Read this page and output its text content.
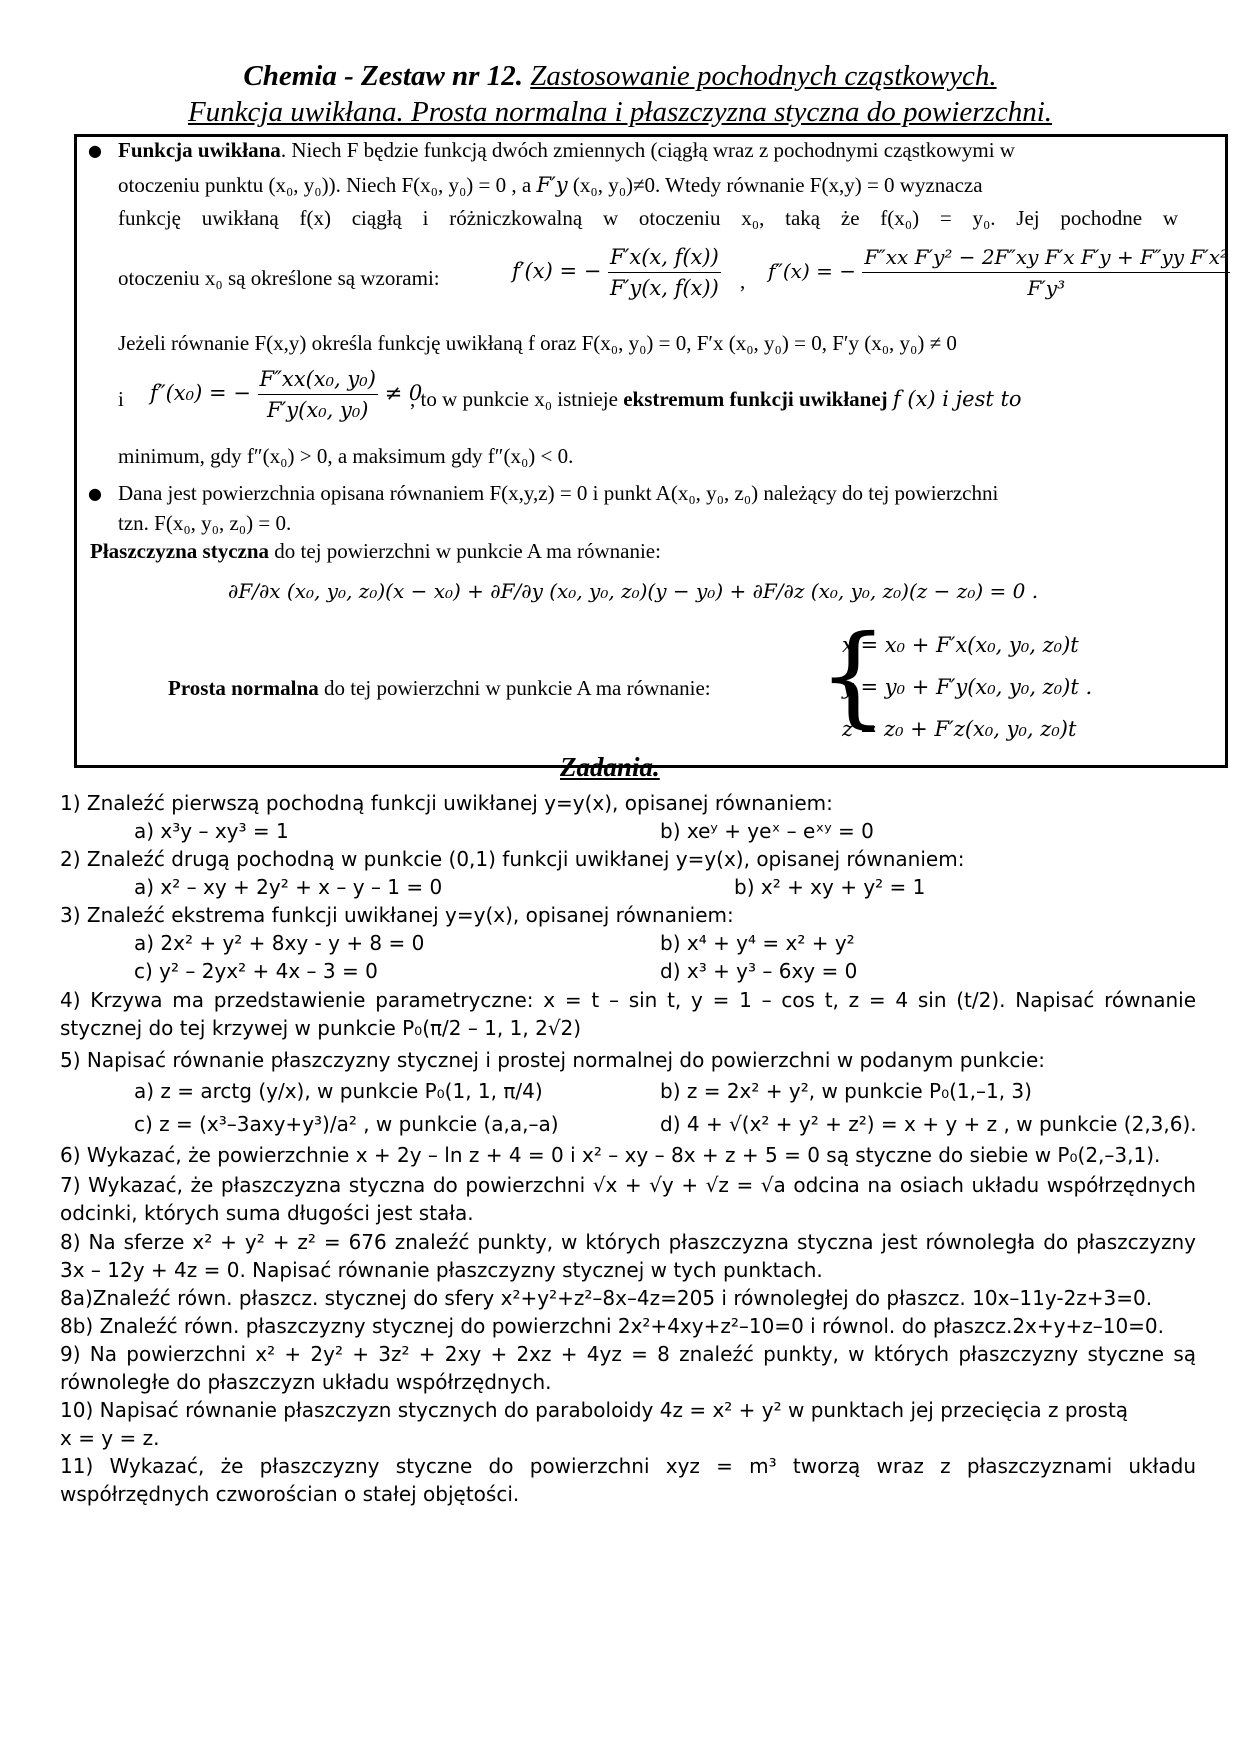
Chemia - Zestaw nr 12. Zastosowanie pochodnych cząstkowych.
Funkcja uwikłana. Prosta normalna i płaszczyzna styczna do powierzchni.
● Funkcja uwikłana. Niech F będzie funkcją dwóch zmiennych (ciągłą wraz z pochodnymi cząstkowymi w
otoczeniu punktu (x₀, y₀)). Niech F(x₀, y₀) = 0 , a F′y (x₀, y₀)≠0. Wtedy równanie F(x,y) = 0 wyznacza
funkcję uwikłaną f(x) ciągłą i różniczkowalną w otoczeniu x₀, taką że f(x₀) = y₀. Jej pochodne w
otoczeniu x₀ są określone są wzorami:	f′(x) = − $\frac{F'x(x, f(x))}{F'y(x, f(x))}$ , f″(x) = − $\frac{\text{F″xx F′y² − 2F″xy F′x F′y + F″yy F′x²}}{\text{F′y³}}$
Jeżeli równanie F(x,y) określa funkcję uwikłaną f oraz F(x₀, y₀) = 0, F′x (x₀, y₀) = 0, F′y (x₀, y₀) ≠ 0
i f″(x₀) = − $\frac{\text{F″xx(x₀, y₀)}}{\text{F′y(x₀, y₀)}} \ne 0$
, to w punkcie x₀ istnieje ekstremum funkcji uwikłanej f (x) i jest to
minimum, gdy f″(x₀) > 0, a maksimum gdy f″(x₀) < 0.
● Dana jest powierzchnia opisana równaniem F(x,y,z) = 0 i punkt A(x₀, y₀, z₀) należący do tej powierzchni
tzn. F(x₀, y₀, z₀) = 0.
Płaszczyzna styczna do tej powierzchni w punkcie A ma równanie:
∂F/∂x (x₀, y₀, z₀)(x − x₀) + ∂F/∂y (x₀, y₀, z₀)(y − y₀) + ∂F/∂z (x₀, y₀, z₀)(z − z₀) = 0 .
Prosta normalna do tej powierzchni w punkcie A ma równanie: {
x = x₀ + F′x(x₀, y₀, z₀)t
y = y₀ + F′y(x₀, y₀, z₀)t .
z = z₀ + F′z(x₀, y₀, z₀)t
Zadania.
1) Znaleźć pierwszą pochodną funkcji uwikłanej y=y(x), opisanej równaniem:
a) x³y – xy³ = 1	b) xeʸ + yeˣ – eˣʸ = 0
2) Znaleźć drugą pochodną w punkcie (0,1) funkcji uwikłanej y=y(x), opisanej równaniem:
a) x² – xy + 2y² + x – y – 1 = 0	b) x² + xy + y² = 1
3) Znaleźć ekstrema funkcji uwikłanej y=y(x), opisanej równaniem:
a) 2x² + y² + 8xy - y + 8 = 0	b) x⁴ + y⁴ = x² + y²
c) y² – 2yx² + 4x – 3 = 0	d) x³ + y³ – 6xy = 0
4) Krzywa ma przedstawienie parametryczne: x = t – sin t, y = 1 – cos t, z = 4 sin (t/2). Napisać równanie
stycznej do tej krzywej w punkcie P₀(π/2 – 1, 1, 2√2)
5) Napisać równanie płaszczyzny stycznej i prostej normalnej do powierzchni w podanym punkcie:
a) z = arctg (y/x), w punkcie P₀(1, 1, π/4)	b) z = 2x² + y², w punkcie P₀(1,–1, 3)
c) z = (x³–3axy+y³)/a² , w punkcie (a,a,–a)	d) 4 + √(x² + y² + z²) = x + y + z , w punkcie (2,3,6).
6) Wykazać, że powierzchnie x + 2y – ln z + 4 = 0 i x² – xy – 8x + z + 5 = 0 są styczne do siebie w P₀(2,–3,1).
7) Wykazać, że płaszczyzna styczna do powierzchni √x + √y + √z = √a odcina na osiach układu współrzędnych
odcinki, których suma długości jest stała.
8) Na sferze x² + y² + z² = 676 znaleźć punkty, w których płaszczyzna styczna jest równoległa do płaszczyzny
3x – 12y + 4z = 0. Napisać równanie płaszczyzny stycznej w tych punktach.
8a)Znaleźć równ. płaszcz. stycznej do sfery x²+y²+z²–8x–4z=205 i równoległej do płaszcz. 10x–11y-2z+3=0.
8b) Znaleźć równ. płaszczyzny stycznej do powierzchni 2x²+4xy+z²–10=0 i równol. do płaszcz.2x+y+z–10=0.
9) Na powierzchni x² + 2y² + 3z² + 2xy + 2xz + 4yz = 8 znaleźć punkty, w których płaszczyzny styczne są
równoległe do płaszczyzn układu współrzędnych.
10) Napisać równanie płaszczyzn stycznych do paraboloidy 4z = x² + y² w punktach jej przecięcia z prostą
x = y = z.
11) Wykazać, że płaszczyzny styczne do powierzchni xyz = m³ tworzą wraz z płaszczyznami układu
współrzędnych czworościan o stałej objętości.
